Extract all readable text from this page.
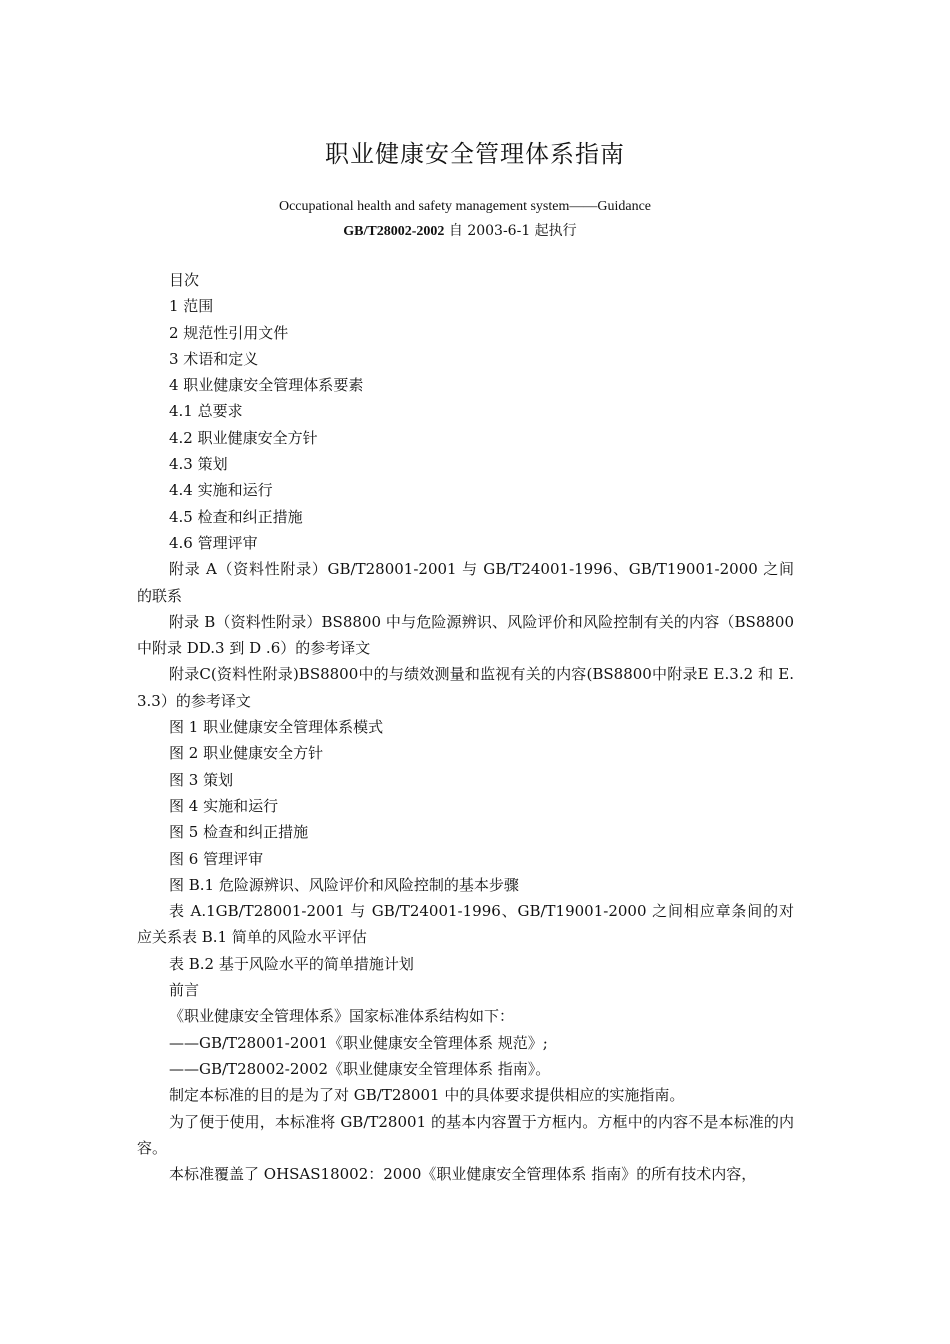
职业健康安全管理体系指南
Occupational health and safety management system——Guidance
GB/T28002-2002 自 2003-6-1 起执行

目次

1 范围

2 规范性引用文件

3 术语和定义

4 职业健康安全管理体系要素

4.1 总要求

4.2 职业健康安全方针

4.3 策划

4.4 实施和运行

4.5 检查和纠正措施

4.6 管理评审

附录 A（资料性附录）GB/T28001-2001 与 GB/T24001-1996、GB/T19001-2000 之间的联系

附录 B（资料性附录）BS8800 中与危险源辨识、风险评价和风险控制有关的内容（BS8800 中附录 DD.3 到 D .6）的参考译文

附录C(资料性附录)BS8800中的与绩效测量和监视有关的内容(BS8800中附录E E.3.2 和 E.3.3）的参考译文

图 1 职业健康安全管理体系模式

图 2 职业健康安全方针

图 3 策划

图 4 实施和运行

图 5 检查和纠正措施

图 6 管理评审

图 B.1 危险源辨识、风险评价和风险控制的基本步骤

表 A.1GB/T28001-2001 与 GB/T24001-1996、GB/T19001-2000 之间相应章条间的对应关系表 B.1 简单的风险水平评估

表 B.2 基于风险水平的简单措施计划

前言

《职业健康安全管理体系》国家标准体系结构如下：

——GB/T28001-2001《职业健康安全管理体系 规范》;

——GB/T28002-2002《职业健康安全管理体系 指南》。

制定本标准的目的是为了对 GB/T28001 中的具体要求提供相应的实施指南。

为了便于使用，本标准将 GB/T28001 的基本内容置于方框内。方框中的内容不是本标准的内容。

本标准覆盖了 OHSAS18002：2000《职业健康安全管理体系 指南》的所有技术内容，
